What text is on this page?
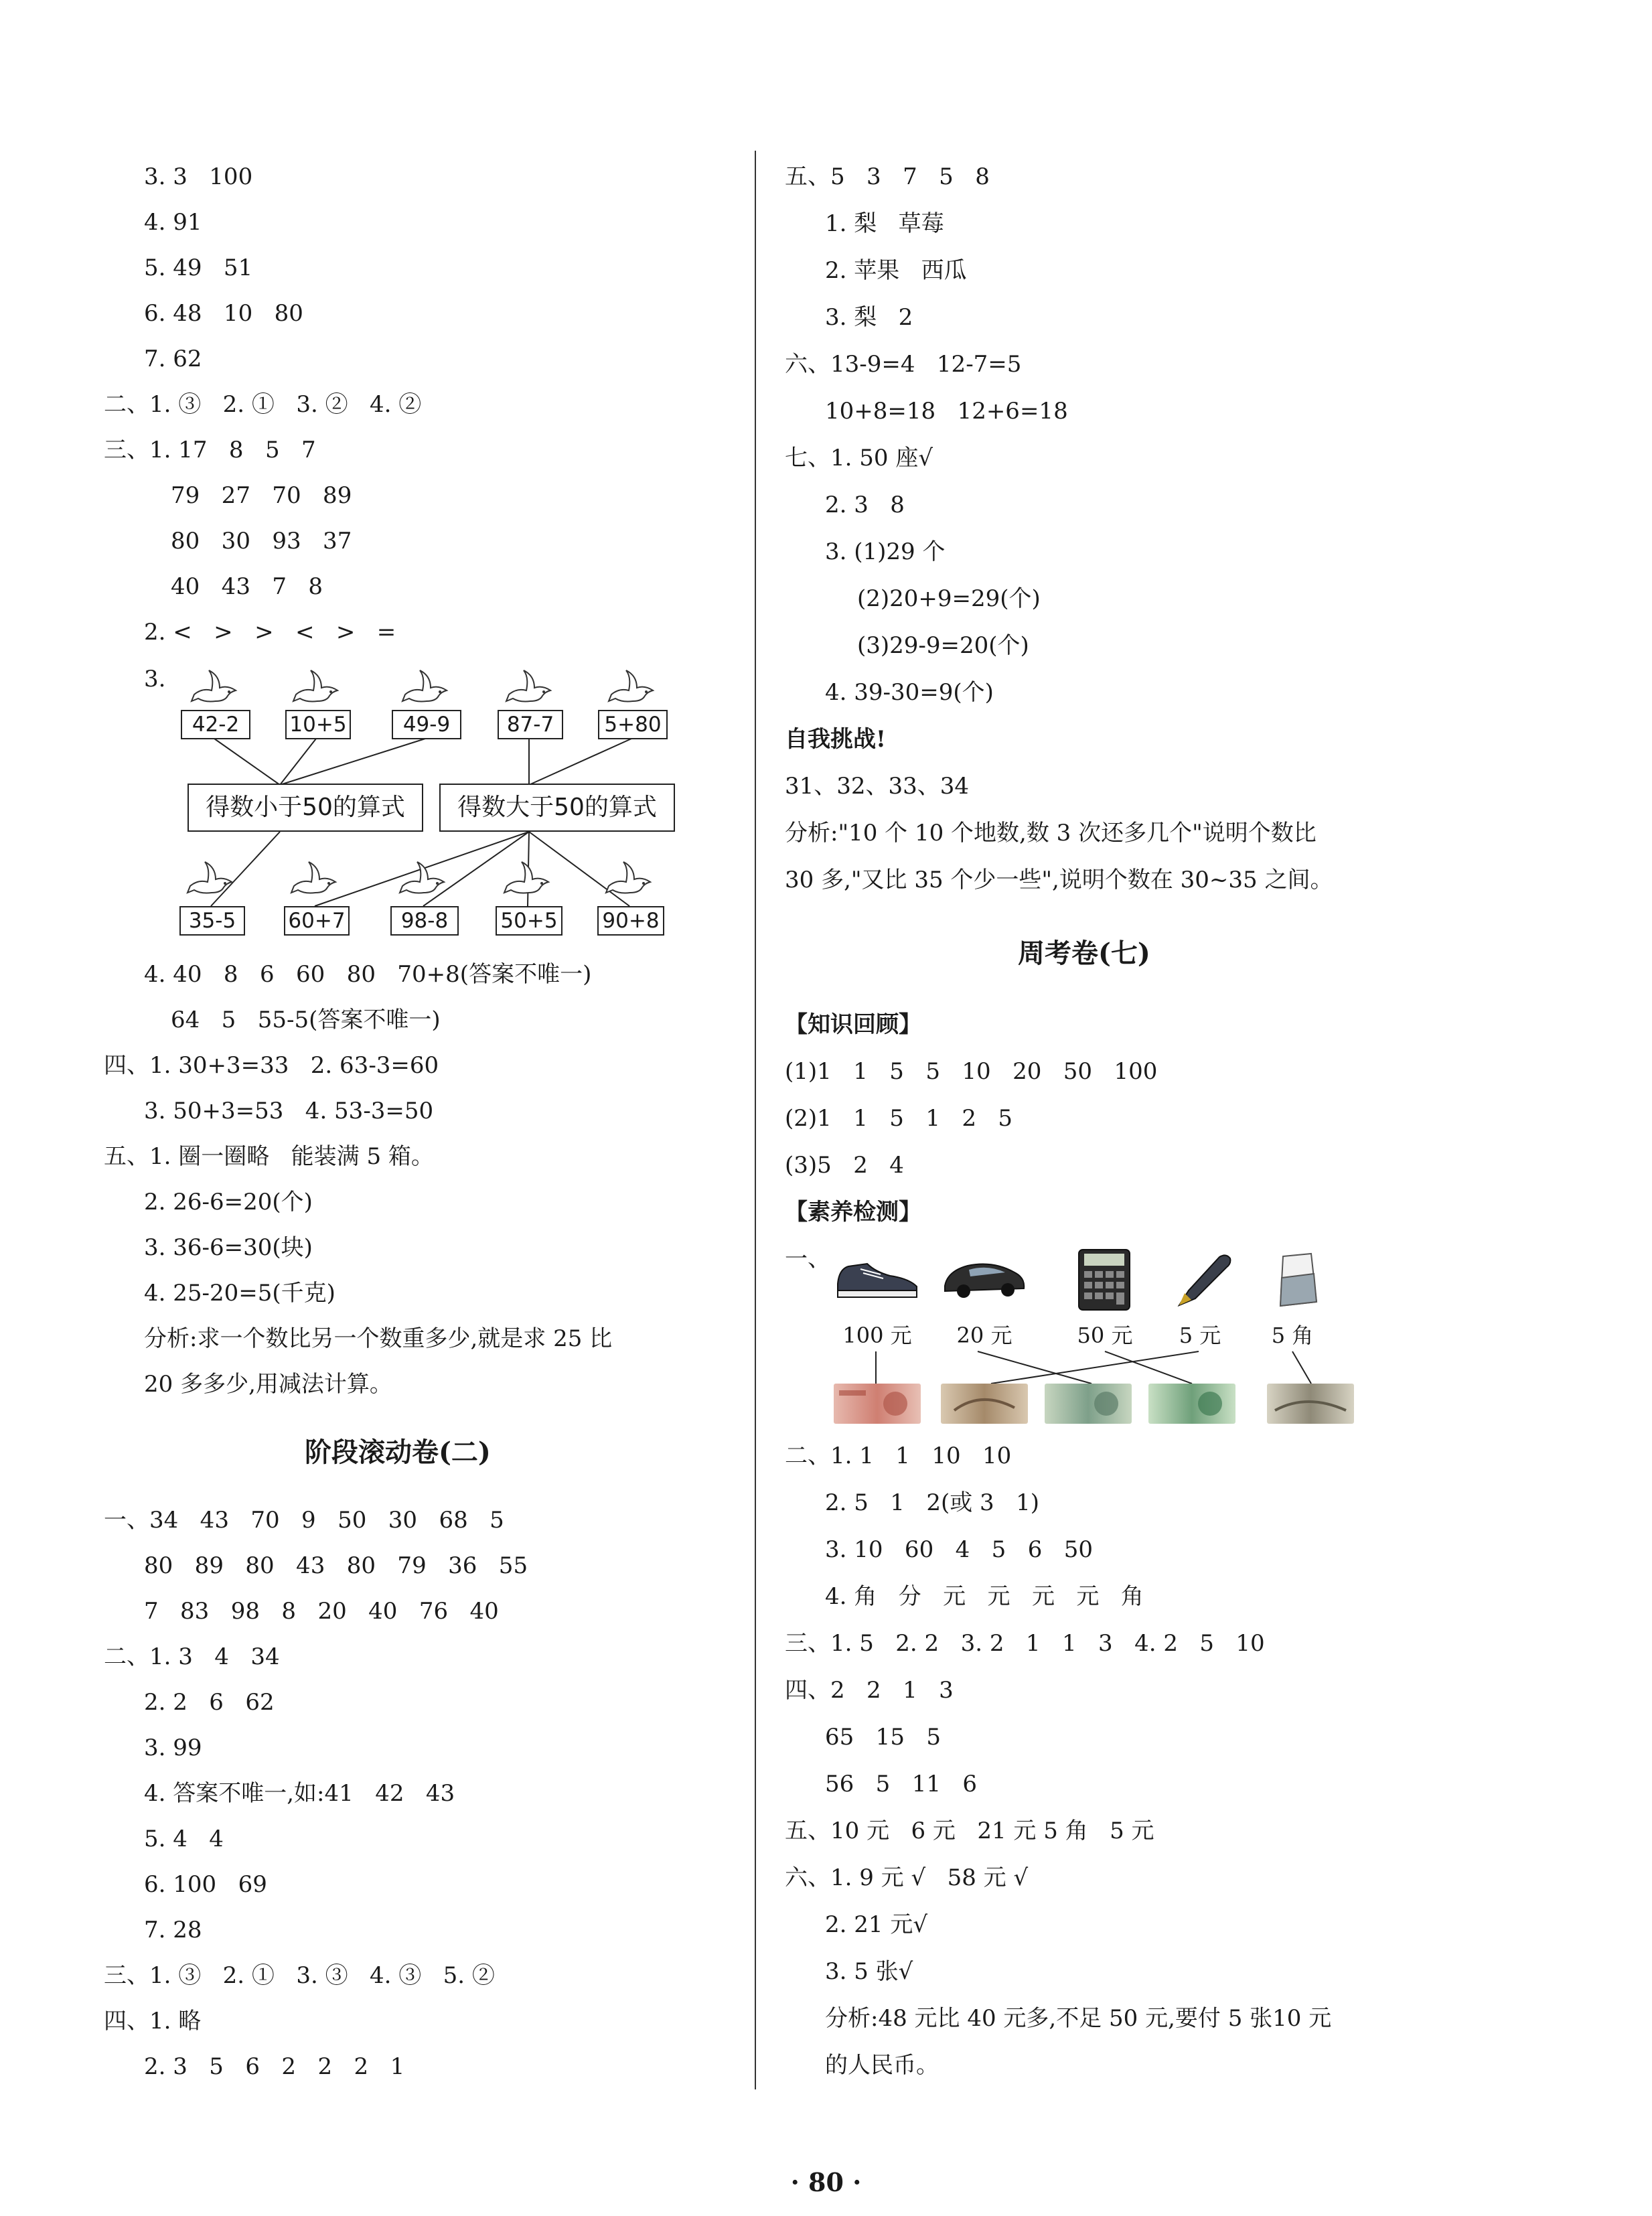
3. 3   100
4. 91
5. 49   51
6. 48   10   80
7. 62
二、1. ③   2. ①   3. ②   4. ②
三、1. 17   8   5   7
79   27   70   89
80   30   93   37
40   43   7   8
2. <   >   >   <   >   =
3.
42-2	10+5	49-9	87-7	5+80
得数小于50的算式	得数大于50的算式
35-5	60+7	98-8	50+5 90+8
4. 40   8   6   60   80   70+8(答案不唯一)
64   5   55-5(答案不唯一)
四、1. 30+3=33   2. 63-3=60
3. 50+3=53   4. 53-3=50
五、1. 圈一圈略   能装满 5 箱。
2. 26-6=20(个)
3. 36-6=30(块)
4. 25-20=5(千克)
分析:求一个数比另一个数重多少,就是求 25 比
20 多多少,用减法计算。
阶段滚动卷(二)
一、34   43   70   9   50   30   68   5
80   89   80   43   80   79   36   55
7   83   98   8   20   40   76   40
二、1. 3   4   34
2. 2   6   62
3. 99
4. 答案不唯一,如:41   42   43
5. 4   4
6. 100   69
7. 28
三、1. ③   2. ①   3. ③   4. ③   5. ②
四、1. 略
2. 3   5   6   2   2   2   1
五、5   3   7   5   8
1. 梨   草莓
2. 苹果   西瓜
3. 梨   2
六、13-9=4   12-7=5
10+8=18   12+6=18
七、1. 50 座√
2. 3   8
3. (1)29 个
(2)20+9=29(个)
(3)29-9=20(个)
4. 39-30=9(个)
自我挑战!
31、32、33、34
分析:"10 个 10 个地数,数 3 次还多几个"说明个数比
30 多,"又比 35 个少一些",说明个数在 30~35 之间。
周考卷(七)
【知识回顾】
(1)1   1   5   5   10   20   50   100
(2)1   1   5   1   2   5
(3)5   2   4
【素养检测】
一、
100 元	20 元	50 元	5 元	5 角
二、1. 1   1   10   10
2. 5   1   2(或 3   1)
3. 10   60   4   5   6   50
4. 角   分   元   元   元   元   角
三、1. 5   2. 2   3. 2   1   1   3   4. 2   5   10
四、2   2   1   3
65   15   5
56   5   11   6
五、10 元   6 元   21 元 5 角   5 元
六、1. 9 元 √   58 元 √
2. 21 元√
3. 5 张√
分析:48 元比 40 元多,不足 50 元,要付 5 张10 元
的人民币。
· 80 ·
